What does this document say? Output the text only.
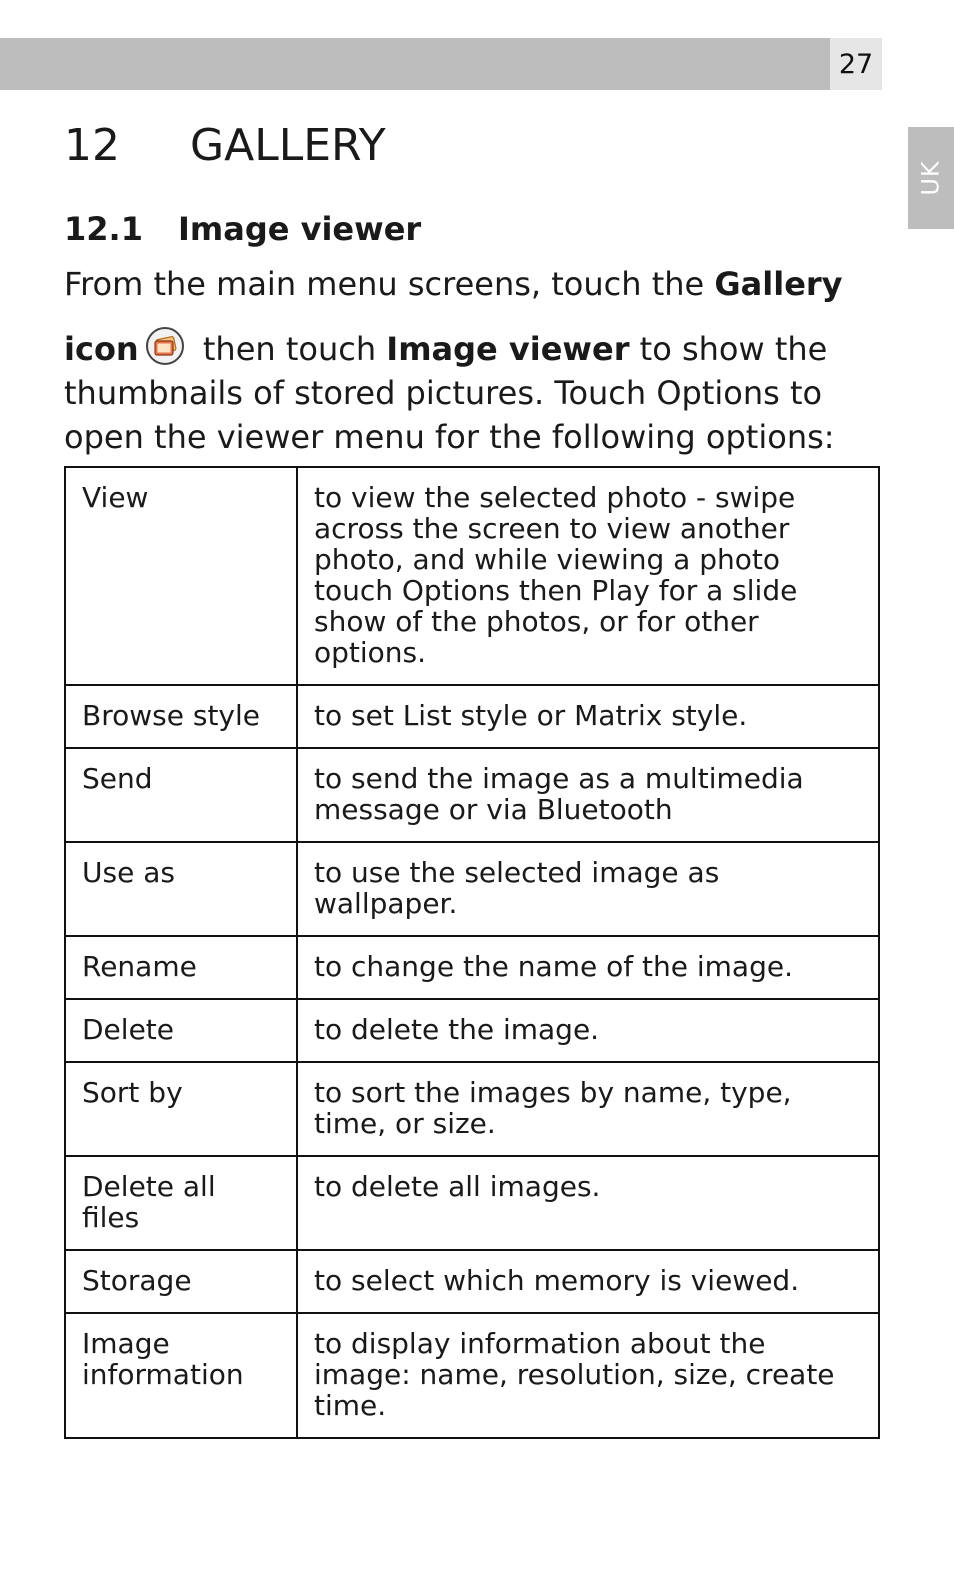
27
UK
12 GALLERY
12.1 Image viewer

From the main menu screens, touch the Gallery
icon then touch Image viewer to show the
thumbnails of stored pictures. Touch Options to
open the viewer menu for the following options:

View	to view the selected photo - swipe across the screen to view another photo, and while viewing a photo touch Options then Play for a slide show of the photos, or for other options.
Browse style	to set List style or Matrix style.
Send	to send the image as a multimedia message or via Bluetooth
Use as	to use the selected image as wallpaper.
Rename	to change the name of the image.
Delete	to delete the image.
Sort by	to sort the images by name, type, time, or size.
Delete all files	to delete all images.
Storage	to select which memory is viewed.
Image information	to display information about the image: name, resolution, size, create time.
